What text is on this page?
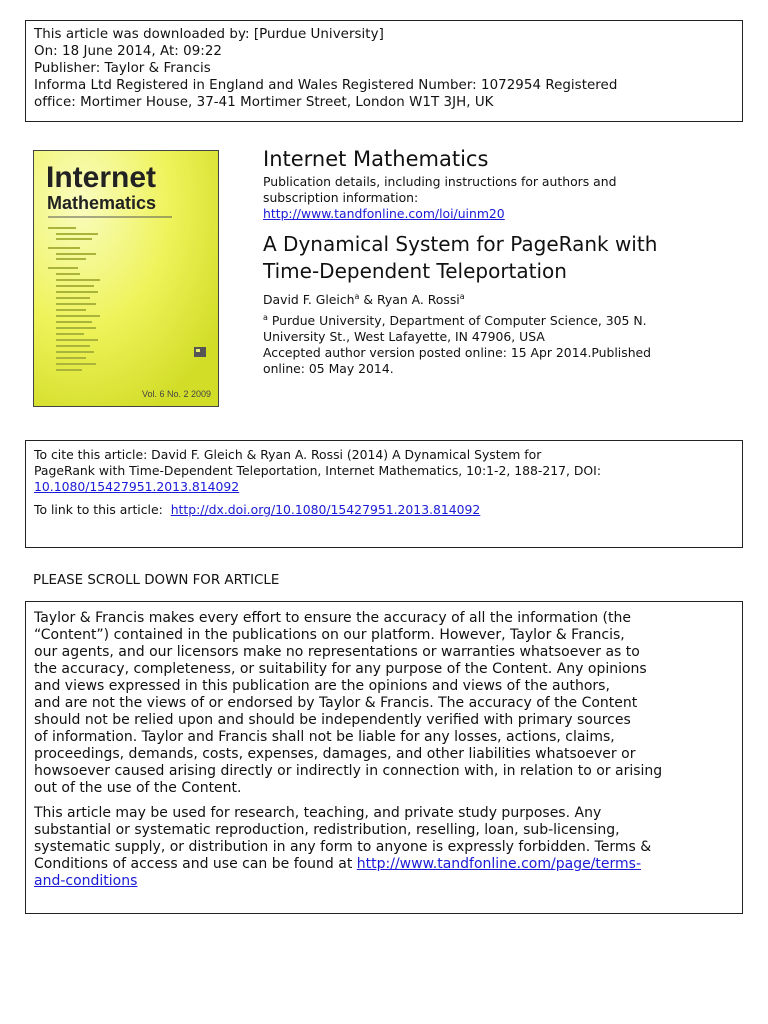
This article was downloaded by: [Purdue University]
On: 18 June 2014, At: 09:22
Publisher: Taylor & Francis
Informa Ltd Registered in England and Wales Registered Number: 1072954 Registered
office: Mortimer House, 37-41 Mortimer Street, London W1T 3JH, UK
Internet
Mathematics
Vol. 6 No. 2 2009
Internet Mathematics
Publication details, including instructions for authors and
subscription information:
http://www.tandfonline.com/loi/uinm20
A Dynamical System for PageRank with
Time-Dependent Teleportation
David F. Gleich$^a$ & Ryan A. Rossi$^a$
$^a$ Purdue University, Department of Computer Science, 305 N.
University St., West Lafayette, IN 47906, USA
Accepted author version posted online: 15 Apr 2014.Published
online: 05 May 2014.
To cite this article: David F. Gleich & Ryan A. Rossi (2014) A Dynamical System for
PageRank with Time-Dependent Teleportation, Internet Mathematics, 10:1-2, 188-217, DOI:
10.1080/15427951.2013.814092
To link to this article: http://dx.doi.org/10.1080/15427951.2013.814092
PLEASE SCROLL DOWN FOR ARTICLE
Taylor & Francis makes every effort to ensure the accuracy of all the information (the
“Content”) contained in the publications on our platform. However, Taylor & Francis,
our agents, and our licensors make no representations or warranties whatsoever as to
the accuracy, completeness, or suitability for any purpose of the Content. Any opinions
and views expressed in this publication are the opinions and views of the authors,
and are not the views of or endorsed by Taylor & Francis. The accuracy of the Content
should not be relied upon and should be independently verified with primary sources
of information. Taylor and Francis shall not be liable for any losses, actions, claims,
proceedings, demands, costs, expenses, damages, and other liabilities whatsoever or
howsoever caused arising directly or indirectly in connection with, in relation to or arising
out of the use of the Content.
This article may be used for research, teaching, and private study purposes. Any
substantial or systematic reproduction, redistribution, reselling, loan, sub-licensing,
systematic supply, or distribution in any form to anyone is expressly forbidden. Terms &
Conditions of access and use can be found at http://www.tandfonline.com/page/terms-
and-conditions
